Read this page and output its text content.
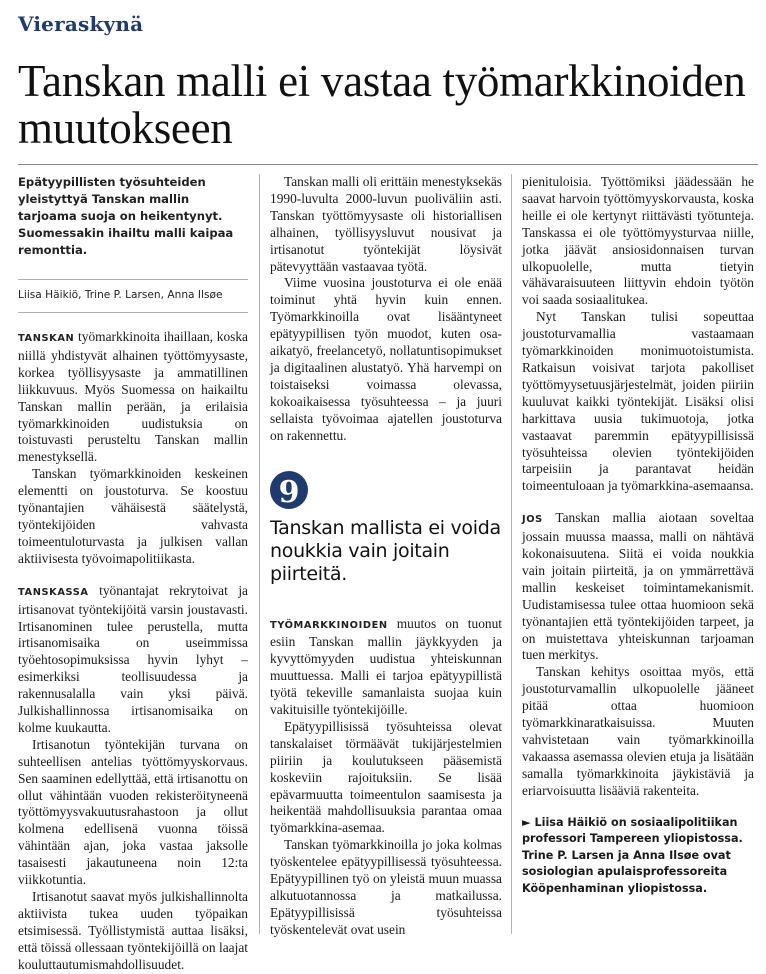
Vieraskynä
Tanskan malli ei vastaa työmarkkinoiden muutokseen

Epätyypillisten työsuhteiden yleistyttyä Tanskan mallin tarjoama suoja on heikentynyt. Suomessakin ihailtu malli kaipaa remonttia.

Liisa Häikiö, Trine P. Larsen, Anna Ilsøe

TANSKAN työmarkkinoita ihaillaan, koska niillä yhdistyvät alhainen työttömyysaste, korkea työllisyysaste ja ammatillinen liikkuvuus. Myös Suomessa on haikailtu Tanskan mallin perään, ja erilaisia työmarkkinoiden uudistuksia on toistuvasti perusteltu Tanskan mallin menestyksellä.

Tanskan työmarkkinoiden keskeinen elementti on joustoturva. Se koostuu työnantajien vähäisestä säätelystä, työntekijöiden vahvasta toimeentuloturvasta ja julkisen vallan aktiivisesta työvoimapolitiikasta.

TANSKASSA työnantajat rekrytoivat ja irtisanovat työntekijöitä varsin joustavasti. Irtisanominen tulee perustella, mutta irtisanomisaika on useimmissa työehtosopimuksissa hyvin lyhyt – esimerkiksi teollisuudessa ja rakennusalalla vain yksi päivä. Julkishallinnossa irtisanomisaika on kolme kuukautta.

Irtisanotun työntekijän turvana on suhteellisen antelias työttömyyskorvaus. Sen saaminen edellyttää, että irtisanottu on ollut vähintään vuoden rekisteröityneenä työttömyysvakuutusrahastoon ja ollut kolmena edellisenä vuonna töissä vähintään ajan, joka vastaa jaksolle tasaisesti jakautuneena noin 12:ta viikkotuntia.

Irtisanotut saavat myös julkishallinnolta aktiivista tukea uuden työpaikan etsimisessä. Työllistymistä auttaa lisäksi, että töissä ollessaan työntekijöillä on laajat kouluttautumismahdollisuudet.

Tanskan malli oli erittäin menestyksekäs 1990-luvulta 2000-luvun puoliväliin asti. Tanskan työttömyysaste oli historiallisen alhainen, työllisyysluvut nousivat ja irtisanotut työntekijät löysivät pätevyyttään vastaavaa työtä.

Viime vuosina joustoturva ei ole enää toiminut yhtä hyvin kuin ennen. Työmarkkinoilla ovat lisääntyneet epätyypillisen työn muodot, kuten osa-aikatyö, freelancetyö, nollatuntisopimukset ja digitaalinen alustatyö. Yhä harvempi on toistaiseksi voimassa olevassa, kokoaikaisessa työsuhteessa – ja juuri sellaista työvoimaa ajatellen joustoturva on rakennettu.

9

Tanskan mallista ei voida noukkia vain joitain piirteitä.

TYÖMARKKINOIDEN muutos on tuonut esiin Tanskan mallin jäykkyyden ja kyvyttömyyden uudistua yhteiskunnan muuttuessa. Malli ei tarjoa epätyypillistä työtä tekeville samanlaista suojaa kuin vakituisille työntekijöille.

Epätyypillisissä työsuhteissa olevat tanskalaiset törmäävät tukijärjestelmien piiriin ja koulutukseen pääsemistä koskeviin rajoituksiin. Se lisää epävarmuutta toimeentulon saamisesta ja heikentää mahdollisuuksia parantaa omaa työmarkkina-asemaa.

Tanskan työmarkkinoilla jo joka kolmas työskentelee epätyypillisessä työsuhteessa. Epätyypillinen työ on yleistä muun muassa alkutuotannossa ja matkailussa. Epätyypillisissä työsuhteissa työskentelevät ovat usein

pienituloisia. Työttömiksi jäädessään he saavat harvoin työttömyyskorvausta, koska heille ei ole kertynyt riittävästi työtunteja. Tanskassa ei ole työttömyysturvaa niille, jotka jäävät ansiosidonnaisen turvan ulkopuolelle, mutta tietyin vähävaraisuuteen liittyvin ehdoin työtön voi saada sosiaalitukea.

Nyt Tanskan tulisi sopeuttaa joustoturvamallia vastaamaan työmarkkinoiden monimuotoistumista. Ratkaisun voisivat tarjota pakolliset työttömyysetuusjärjestelmät, joiden piiriin kuuluvat kaikki työntekijät. Lisäksi olisi harkittava uusia tukimuotoja, jotka vastaavat paremmin epätyypillisissä työsuhteissa olevien työntekijöiden tarpeisiin ja parantavat heidän toimeentuloaan ja työmarkkina-asemaansa.

JOS Tanskan mallia aiotaan soveltaa jossain muussa maassa, malli on nähtävä kokonaisuutena. Siitä ei voida noukkia vain joitain piirteitä, ja on ymmärrettävä mallin keskeiset toimintamekanismit. Uudistamisessa tulee ottaa huomioon sekä työnantajien että työntekijöiden tarpeet, ja on muistettava yhteiskunnan tarjoaman tuen merkitys.

Tanskan kehitys osoittaa myös, että joustoturvamallin ulkopuolelle jääneet pitää ottaa huomioon työmarkkinaratkaisuissa. Muuten vahvistetaan vain työmarkkinoilla vakaassa asemassa olevien etuja ja lisätään samalla työmarkkinoita jäykistäviä ja eriarvoisuutta lisääviä rakenteita.

► Liisa Häikiö on sosiaalipolitiikan professori Tampereen yliopistossa. Trine P. Larsen ja Anna Ilsøe ovat sosiologian apulaisprofessoreita Kööpenhaminan yliopistossa.
